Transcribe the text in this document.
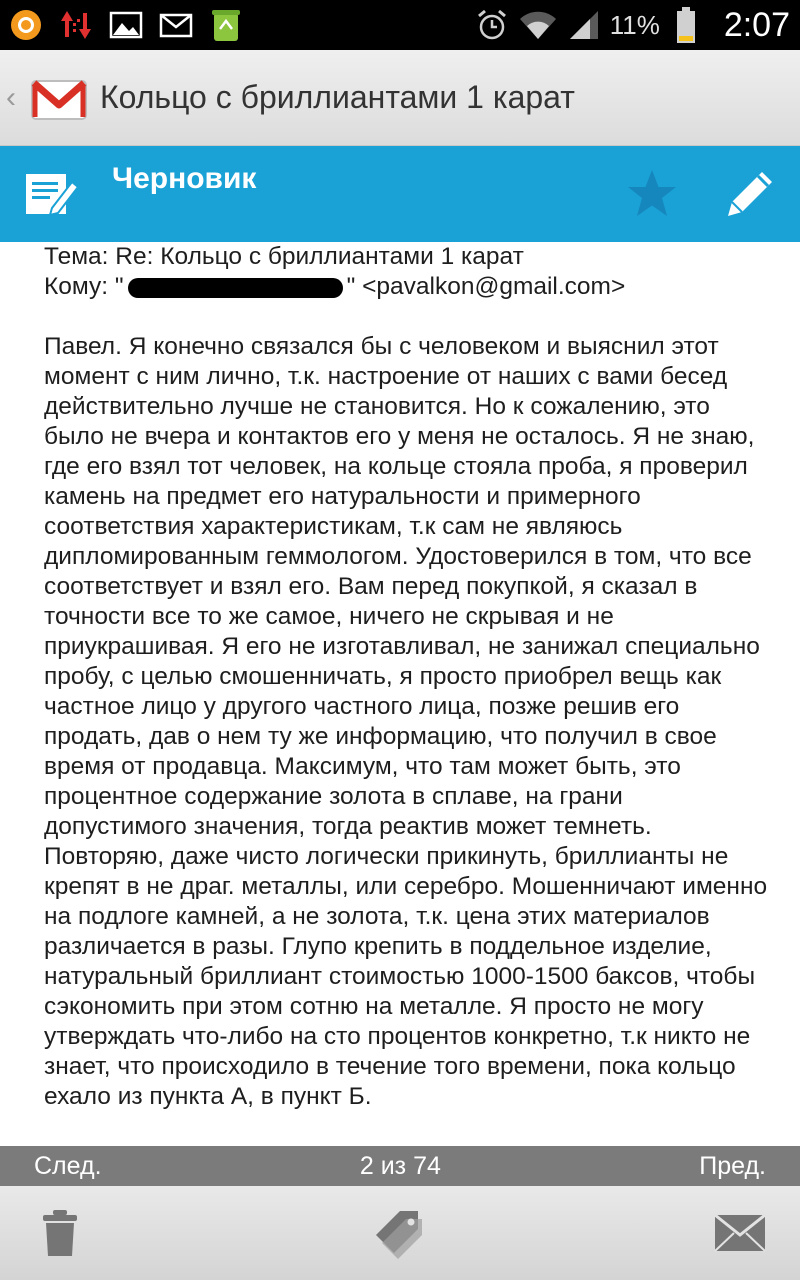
11% 2:07
‹	Кольцо с бриллиантами 1 карат
Черновик
Тема: Re: Кольцо с бриллиантами 1 карат
Кому: "	" <pavalkon@gmail.com>
Павел. Я конечно связался бы с человеком и выяснил этот момент с ним лично, т.к. настроение от наших с вами бесед действительно лучше не становится. Но к сожалению, это было не вчера и контактов его у меня не осталось. Я не знаю, где его взял тот человек, на кольце стояла проба, я проверил камень на предмет его натуральности и примерного соответствия характеристикам, т.к сам не являюсь дипломированным геммологом. Удостоверился в том, что все соответствует и взял его. Вам перед покупкой, я сказал в точности все то же самое, ничего не скрывая и не приукрашивая. Я его не изготавливал, не занижал специально пробу, с целью смошенничать, я просто приобрел вещь как частное лицо у другого частного лица, позже решив его продать, дав о нем ту же информацию, что получил в свое время от продавца. Максимум, что там может быть, это процентное содержание золота в сплаве, на грани допустимого значения, тогда реактив может темнеть. Повторяю, даже чисто логически прикинуть, бриллианты не крепят в не драг. металлы, или серебро. Мошенничают именно на подлоге камней, а не золота, т.к. цена этих материалов различается в разы. Глупо крепить в поддельное изделие, натуральный бриллиант стоимостью 1000-1500 баксов, чтобы сэкономить при этом сотню на металле. Я просто не могу утверждать что-либо на сто процентов конкретно, т.к никто не знает, что происходило в течение того времени, пока кольцо ехало из пункта А, в пункт Б.
След.	2 из 74	Пред.
